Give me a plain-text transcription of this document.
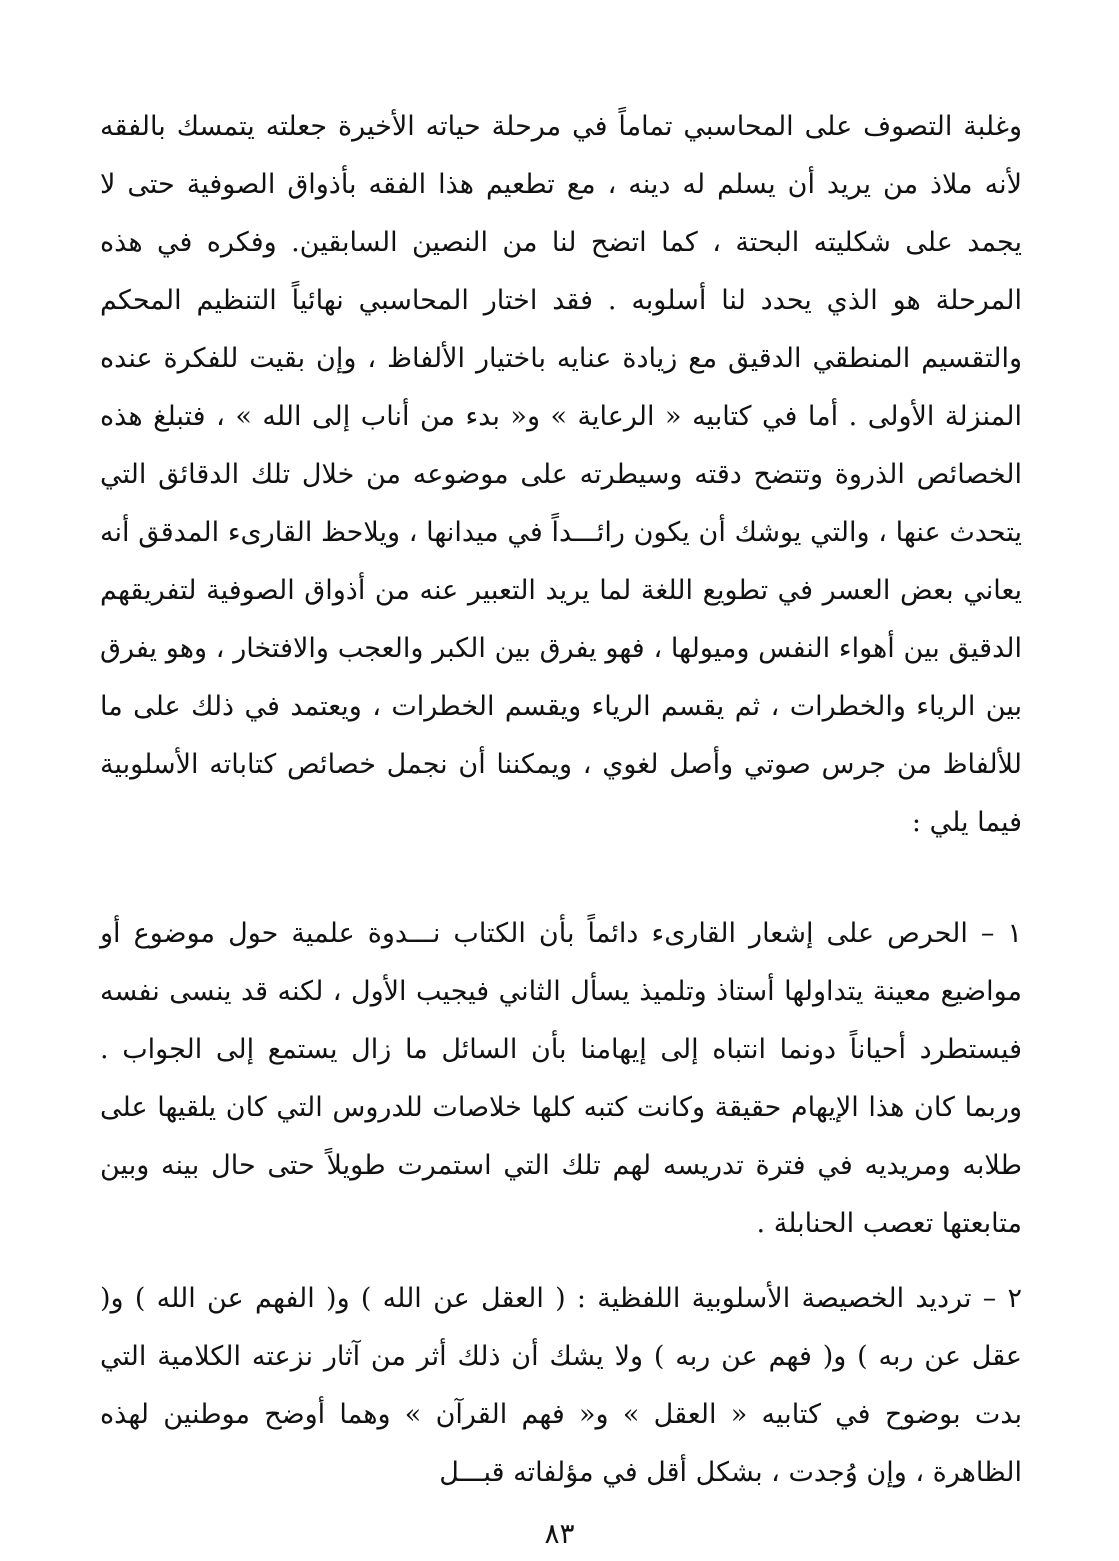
وغلبة التصوف على المحاسبي تماماً في مرحلة حياته الأخيرة جعلته يتمسك بالفقه لأنه ملاذ من يريد أن يسلم له دينه ، مع تطعيم هذا الفقه بأذواق الصوفية حتى لا يجمد على شكليته البحتة ، كما اتضح لنا من النصين السابقين. وفكره في هذه المرحلة هو الذي يحدد لنا أسلوبه . فقد اختار المحاسبي نهائياً التنظيم المحكم والتقسيم المنطقي الدقيق مع زيادة عنايه باختيار الألفاظ ، وإن بقيت للفكرة عنده المنزلة الأولى . أما في كتابيه « الرعاية » و« بدء من أناب إلى الله » ، فتبلغ هذه الخصائص الذروة وتتضح دقته وسيطرته على موضوعه من خلال تلك الدقائق التي يتحدث عنها ، والتي يوشك أن يكون رائـــداً في ميدانها ، ويلاحظ القارىء المدقق أنه يعاني بعض العسر في تطويع اللغة لما يريد التعبير عنه من أذواق الصوفية لتفريقهم الدقيق بين أهواء النفس وميولها ، فهو يفرق بين الكبر والعجب والافتخار ، وهو يفرق بين الرياء والخطرات ، ثم يقسم الرياء ويقسم الخطرات ، ويعتمد في ذلك على ما للألفاظ من جرس صوتي وأصل لغوي ، ويمكننا أن نجمل خصائص كتاباته الأسلوبية فيما يلي :

١ – الحرص على إشعار القارىء دائماً بأن الكتاب نـــدوة علمية حول موضوع أو مواضيع معينة يتداولها أستاذ وتلميذ يسأل الثاني فيجيب الأول ، لكنه قد ينسى نفسه فيستطرد أحياناً دونما انتباه إلى إيهامنا بأن السائل ما زال يستمع إلى الجواب . وربما كان هذا الإيهام حقيقة وكانت كتبه كلها خلاصات للدروس التي كان يلقيها على طلابه ومريديه في فترة تدريسه لهم تلك التي استمرت طويلاً حتى حال بينه وبين متابعتها تعصب الحنابلة .

٢ – ترديد الخصيصة الأسلوبية اللفظية : ( العقل عن الله ) و( الفهم عن الله ) و( عقل عن ربه ) و( فهم عن ربه ) ولا يشك أن ذلك أثر من آثار نزعته الكلامية التي بدت بوضوح في كتابيه « العقل » و« فهم القرآن » وهما أوضح موطنين لهذه الظاهرة ، وإن وُجدت ، بشكل أقل في مؤلفاته قبـــل

٨٣
